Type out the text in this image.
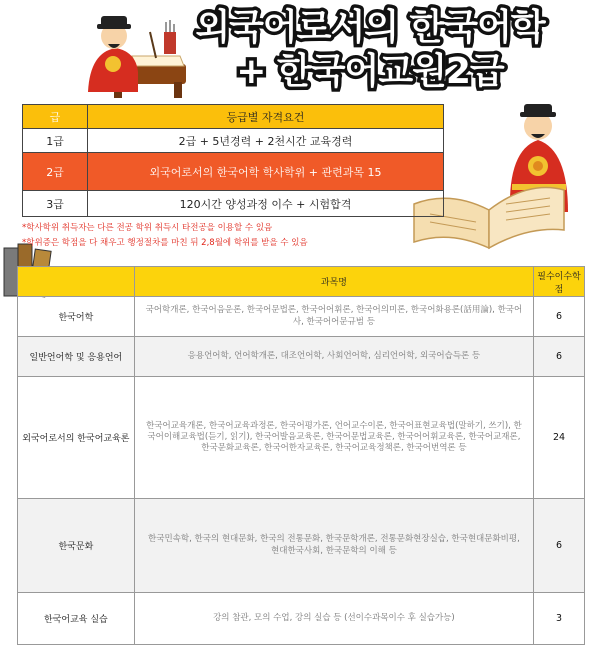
외국어로서의 한국어학
+ 한국어교원2급
급	등급별 자격요건
1급	2급 + 5년경력 + 2천시간 교육경력
2급	외국어로서의 한국어학 학사학위 + 관련과목 15
3급	120시간 양성과정 이수 + 시험합격
*학사학위 취득자는 다른 전공 학위 취득시 타전공을 이용할 수 있음
*학위증은 학점을 다 채우고 행정절차를 마친 뒤 2,8월에 학위를 받을 수 있음
	과목명	필수이수학점
한국어학	국어학개론, 한국어음운론, 한국어문법론, 한국어어휘론, 한국어의미론, 한국어화용론(話用論), 한국어사, 한국어어문규범 등	6
일반언어학 및 응용언어	응용언어학, 언어학개론, 대조언어학, 사회언어학, 심리언어학, 외국어습득론 등	6
외국어로서의 한국어교육론	한국어교육개론, 한국어교육과정론, 한국어평가론, 언어교수이론, 한국어표현교육법(말하기, 쓰기), 한국어이해교육법(듣기, 읽기), 한국어발음교육론, 한국어문법교육론, 한국어어휘교육론, 한국어교재론, 한국문화교육론, 한국어한자교육론, 한국어교육정책론, 한국어번역론 등	24
한국문화	한국민속학, 한국의 현대문화, 한국의 전통문화, 한국문학개론, 전통문화현장실습, 한국현대문화비평, 현대한국사회, 한국문학의 이해 등	6
한국어교육 실습	강의 참관, 모의 수업, 강의 실습 등 (선이수과목이수 후 실습가능)	3
